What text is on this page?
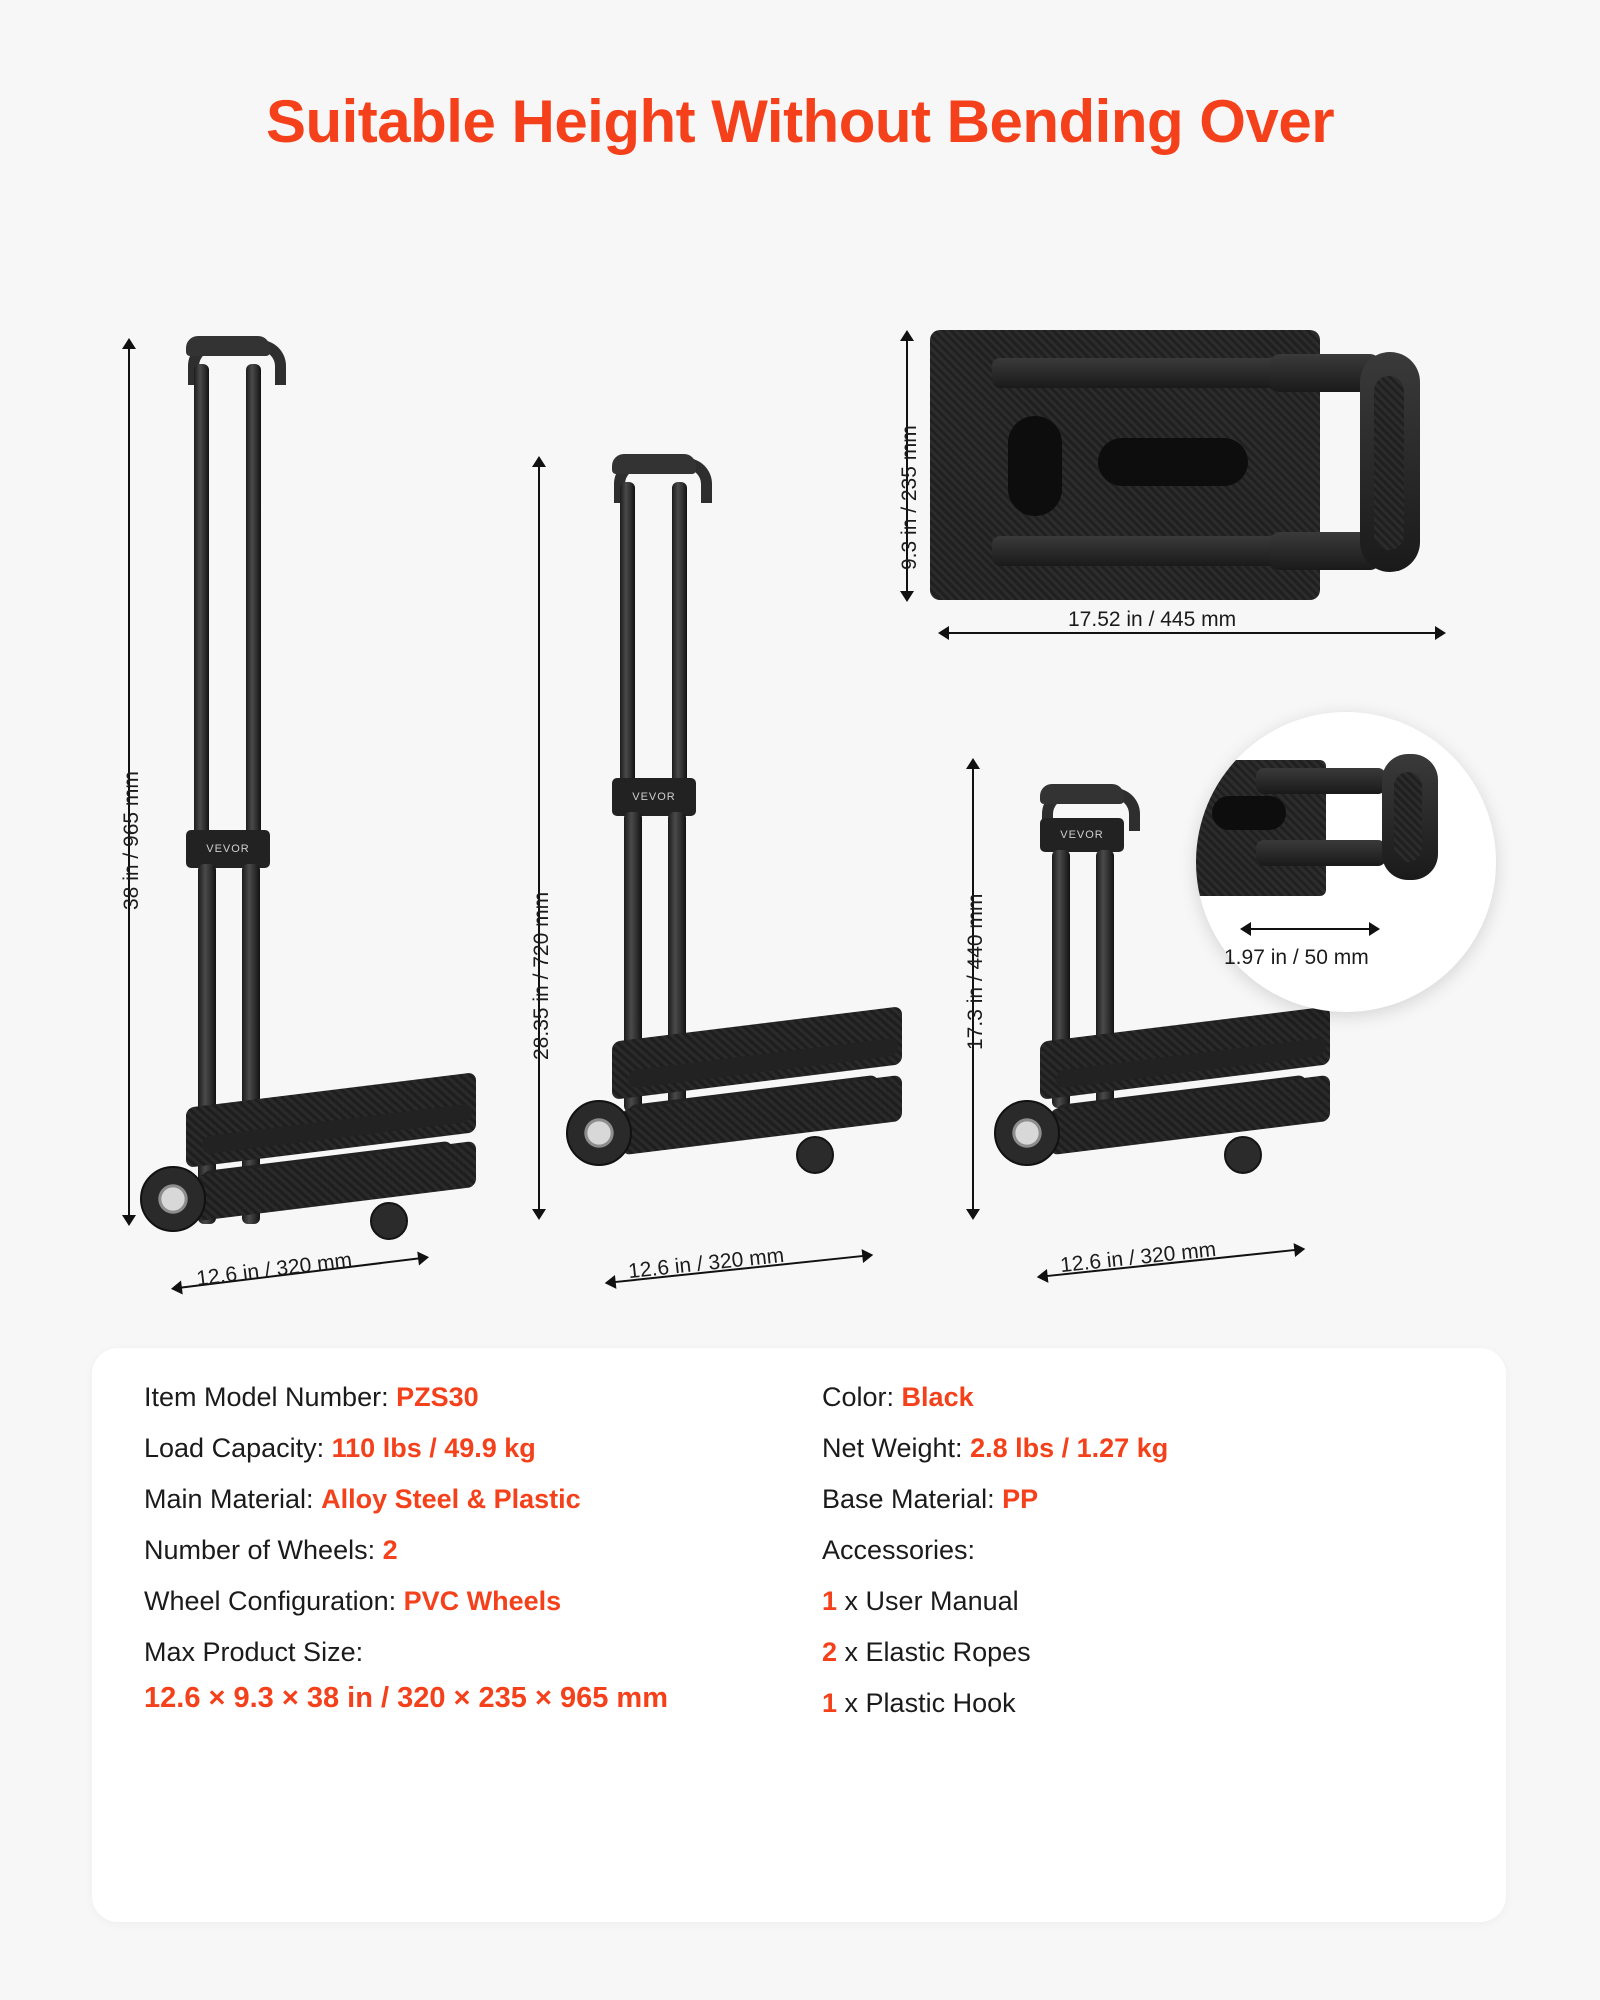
Suitable Height Without Bending Over
VEVOR
38 in / 965 mm
12.6 in / 320 mm
VEVOR
28.35 in / 720 mm
12.6 in / 320 mm
VEVOR
17.3 in / 440 mm
12.6 in / 320 mm
9.3 in / 235 mm
17.52 in / 445 mm
1.97 in / 50 mm
Item Model Number: PZS30
Load Capacity: 110 lbs / 49.9 kg
Main Material: Alloy Steel & Plastic
Number of Wheels: 2
Wheel Configuration: PVC Wheels
Max Product Size:
12.6 × 9.3 × 38 in / 320 × 235 × 965 mm
Color: Black
Net Weight: 2.8 lbs / 1.27 kg
Base Material: PP
Accessories:
1 x User Manual
2 x Elastic Ropes
1 x Plastic Hook
